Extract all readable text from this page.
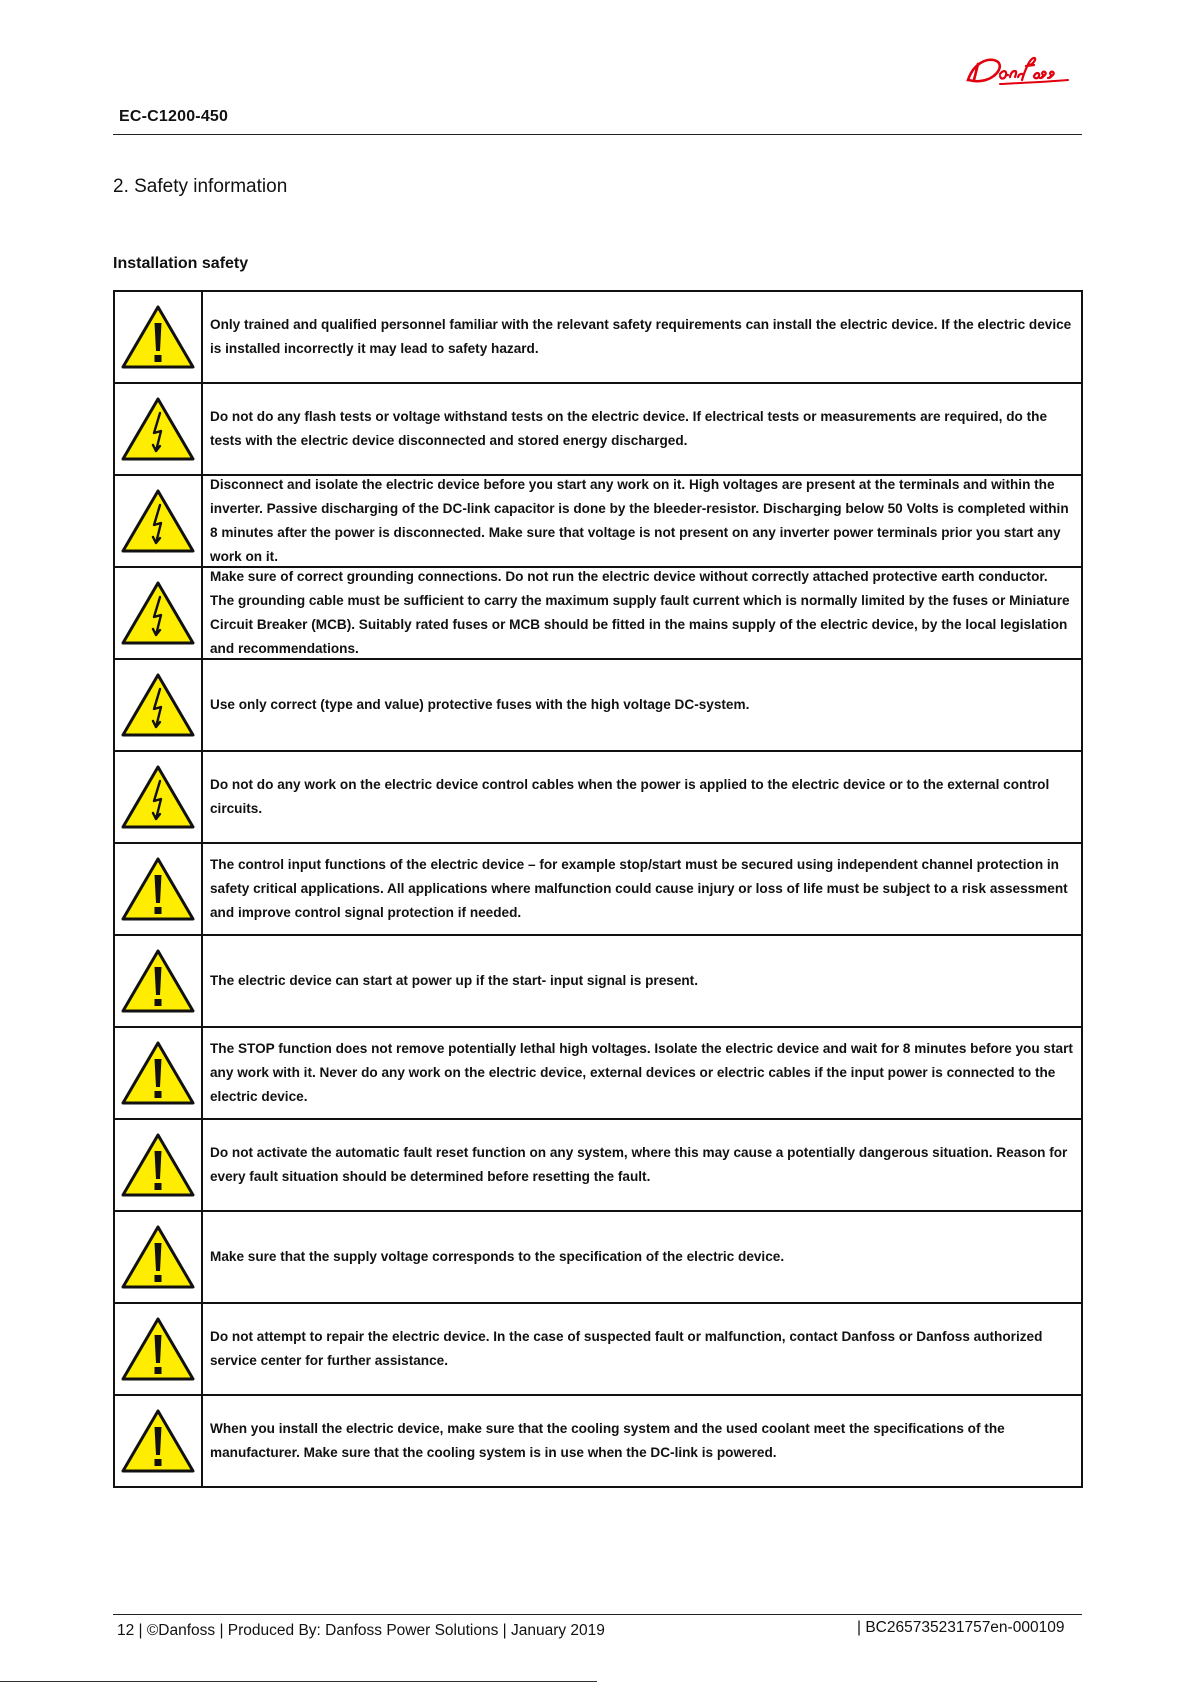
EC-C1200-450
2. Safety information
Installation safety
Only trained and qualified personnel familiar with the relevant safety requirements can install the electric device. If the electric device is installed incorrectly it may lead to safety hazard.
Do not do any flash tests or voltage withstand tests on the electric device. If electrical tests or measurements are required, do the tests with the electric device disconnected and stored energy discharged.
Disconnect and isolate the electric device before you start any work on it. High voltages are present at the terminals and within the inverter. Passive discharging of the DC-link capacitor is done by the bleeder-resistor. Discharging below 50 Volts is completed within 8 minutes after the power is disconnected. Make sure that voltage is not present on any inverter power terminals prior you start any work on it.
Make sure of correct grounding connections. Do not run the electric device without correctly attached protective earth conductor. The grounding cable must be sufficient to carry the maximum supply fault current which is normally limited by the fuses or Miniature Circuit Breaker (MCB). Suitably rated fuses or MCB should be fitted in the mains supply of the electric device, by the local legislation and recommendations.
Use only correct (type and value) protective fuses with the high voltage DC-system.
Do not do any work on the electric device control cables when the power is applied to the electric device or to the external control circuits.
The control input functions of the electric device – for example stop/start must be secured using independent channel protection in safety critical applications. All applications where malfunction could cause injury or loss of life must be subject to a risk assessment and improve control signal protection if needed.
The electric device can start at power up if the start- input signal is present.
The STOP function does not remove potentially lethal high voltages. Isolate the electric device and wait for 8 minutes before you start any work with it. Never do any work on the electric device, external devices or electric cables if the input power is connected to the electric device.
Do not activate the automatic fault reset function on any system, where this may cause a potentially dangerous situation. Reason for every fault situation should be determined before resetting the fault.
Make sure that the supply voltage corresponds to the specification of the electric device.
Do not attempt to repair the electric device. In the case of suspected fault or malfunction, contact Danfoss or Danfoss authorized service center for further assistance.
When you install the electric device, make sure that the cooling system and the used coolant meet the specifications of the manufacturer. Make sure that the cooling system is in use when the DC-link is powered.
12 | ©Danfoss | Produced By: Danfoss Power Solutions | January 2019	| BC265735231757en-000109
